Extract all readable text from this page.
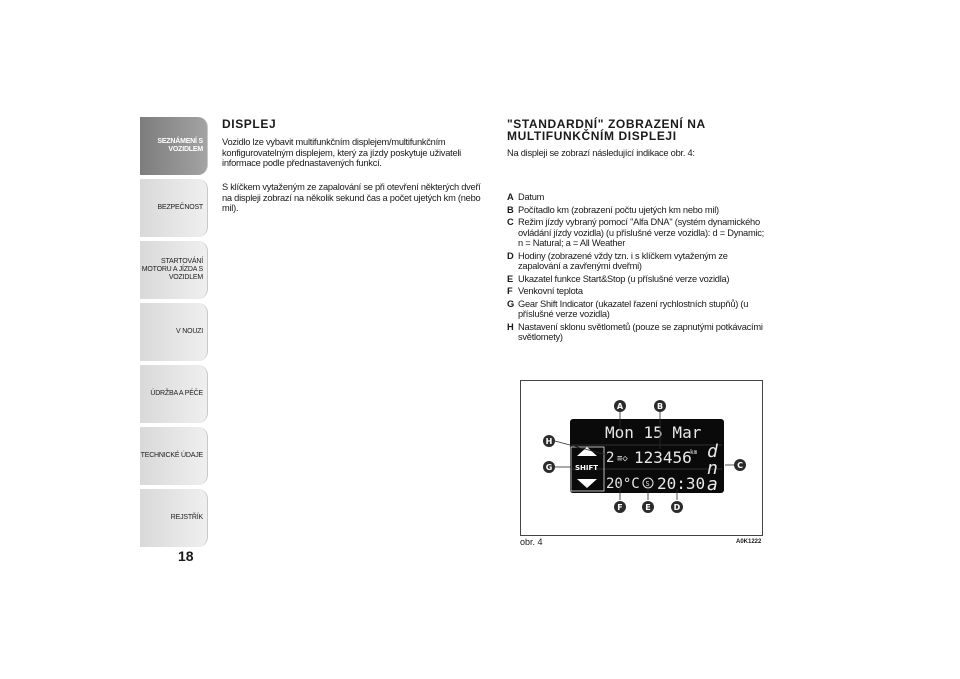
SEZNÁMENÍ S VOZIDLEM
BEZPEČNOST
STARTOVÁNÍ MOTORU A JÍZDA S VOZIDLEM
V NOUZI
ÚDRŽBA A PÉČE
TECHNICKÉ ÚDAJE
REJSTŘÍK
18
DISPLEJ
Vozidlo lze vybavit multifunkčním displejem/multifunkčním konfigurovatelným displejem, který za jízdy poskytuje uživateli informace podle přednastavených funkcí.
S klíčkem vytaženým ze zapalování se při otevření některých dveří na displeji zobrazí na několik sekund čas a počet ujetých km (nebo mil).
"STANDARDNÍ" ZOBRAZENÍ NA
MULTIFUNKČNÍM DISPLEJI
Na displeji se zobrazí následující indikace obr. 4:
A Datum
B Počítadlo km (zobrazení počtu ujetých km nebo mil)
C Režim jízdy vybraný pomocí "Alfa DNA" (systém dynamického ovládání jízdy vozidla) (u příslušné verze vozidla): d = Dynamic; n = Natural; a = All Weather
D Hodiny (zobrazené vždy tzn. i s klíčkem vytaženým ze zapalování a zavřenými dveřmi)
E Ukazatel funkce Start&Stop (u příslušné verze vozidla)
F Venkovní teplota
G Gear Shift Indicator (ukazatel řazení rychlostních stupňů) (u příslušné verze vozidla)
H Nastavení sklonu světlometů (pouze se zapnutými potkávacími světlomety)
Mon 15 Mar
2 ≡◇ 123456
km
SHIFT
20°C S 20:30
d
n
a
A	B
C
D
E
F
G
H
obr. 4	A0K1222
